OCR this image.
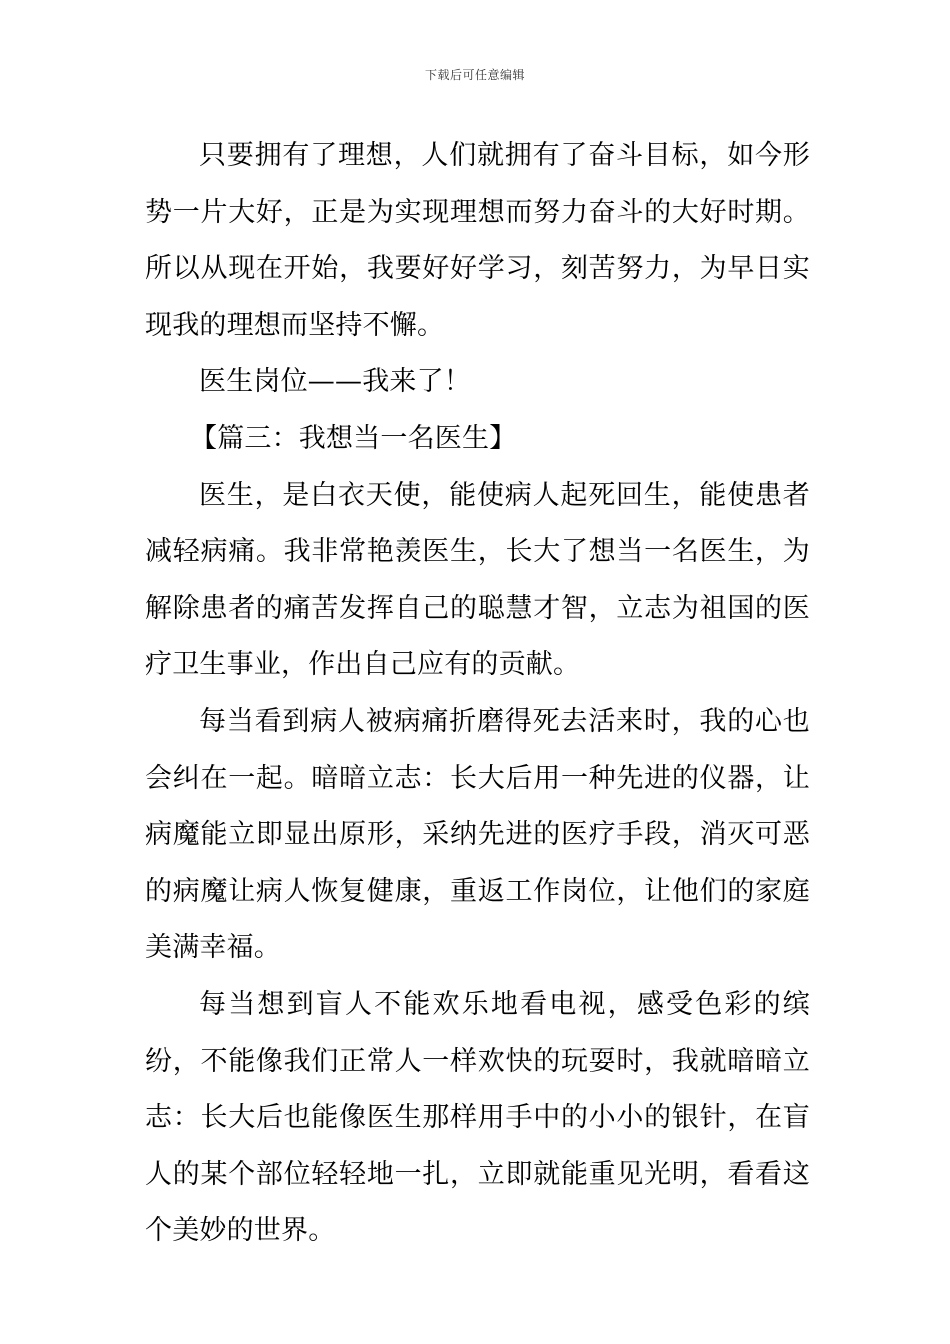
下载后可任意编辑

只要拥有了理想，人们就拥有了奋斗目标，如今形势一片大好，正是为实现理想而努力奋斗的大好时期。所以从现在开始，我要好好学习，刻苦努力，为早日实现我的理想而坚持不懈。

医生岗位——我来了！

【篇三：我想当一名医生】

医生，是白衣天使，能使病人起死回生，能使患者减轻病痛。我非常艳羡医生，长大了想当一名医生，为解除患者的痛苦发挥自己的聪慧才智，立志为祖国的医疗卫生事业，作出自己应有的贡献。

每当看到病人被病痛折磨得死去活来时，我的心也会纠在一起。暗暗立志：长大后用一种先进的仪器，让病魔能立即显出原形，采纳先进的医疗手段，消灭可恶的病魔让病人恢复健康，重返工作岗位，让他们的家庭美满幸福。

每当想到盲人不能欢乐地看电视，感受色彩的缤纷，不能像我们正常人一样欢快的玩耍时，我就暗暗立志：长大后也能像医生那样用手中的小小的银针，在盲人的某个部位轻轻地一扎，立即就能重见光明，看看这个美妙的世界。
